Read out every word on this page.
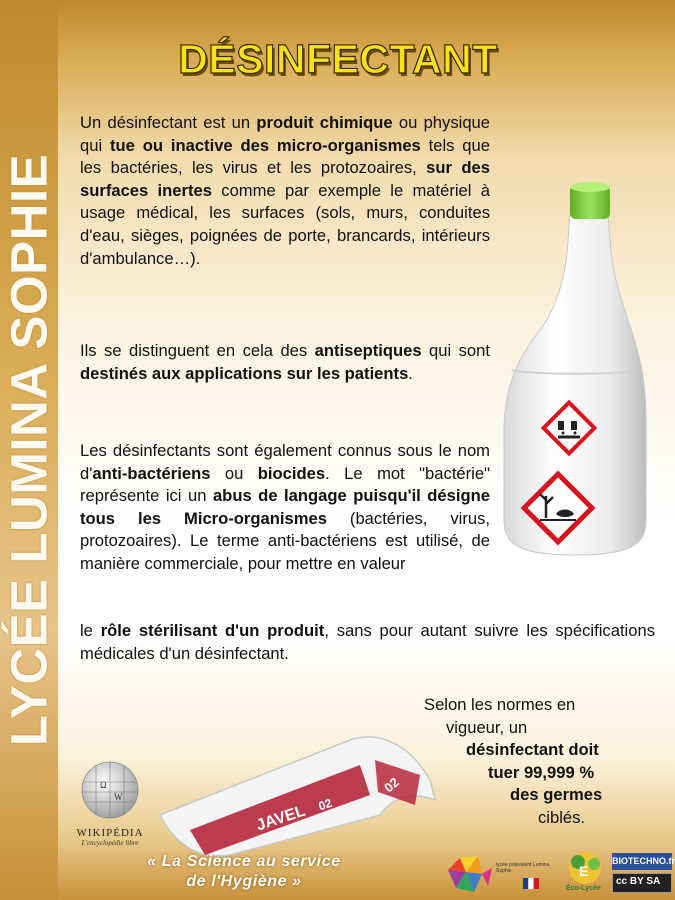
LYCÉE LUMINA SOPHIE
DÉSINFECTANT
Un désinfectant est un produit chimique ou physique qui tue ou inactive des micro-organismes tels que les bactéries, les virus et les protozoaires, sur des surfaces inertes comme par exemple le matériel à usage médical, les surfaces (sols, murs, conduites d'eau, sièges, poignées de porte, brancards, intérieurs d'ambulance…).
Ils se distinguent en cela des antiseptiques qui sont destinés aux applications sur les patients.
Les désinfectants sont également connus sous le nom d'anti-bactériens ou biocides. Le mot "bactérie" représente ici un abus de langage puisqu'il désigne tous les Micro-organismes (bactéries, virus, protozoaires). Le terme anti-bactériens est utilisé, de manière commerciale, pour mettre en valeur
le rôle stérilisant d'un produit, sans pour autant suivre les spécifications médicales d'un désinfectant.
Selon les normes en
vigueur, un
désinfectant doit
tuer 99,999 %
des germes
ciblés.
JAVEL 02
02
Ω
W
WIKIPÉDIA
L'encyclopédie libre
« La Science au service
de l'Hygiène »
lycée polyvalent Lumina Sophie	E
Éco-Lycée
BIOTECHNO.fr
cc BY SA
